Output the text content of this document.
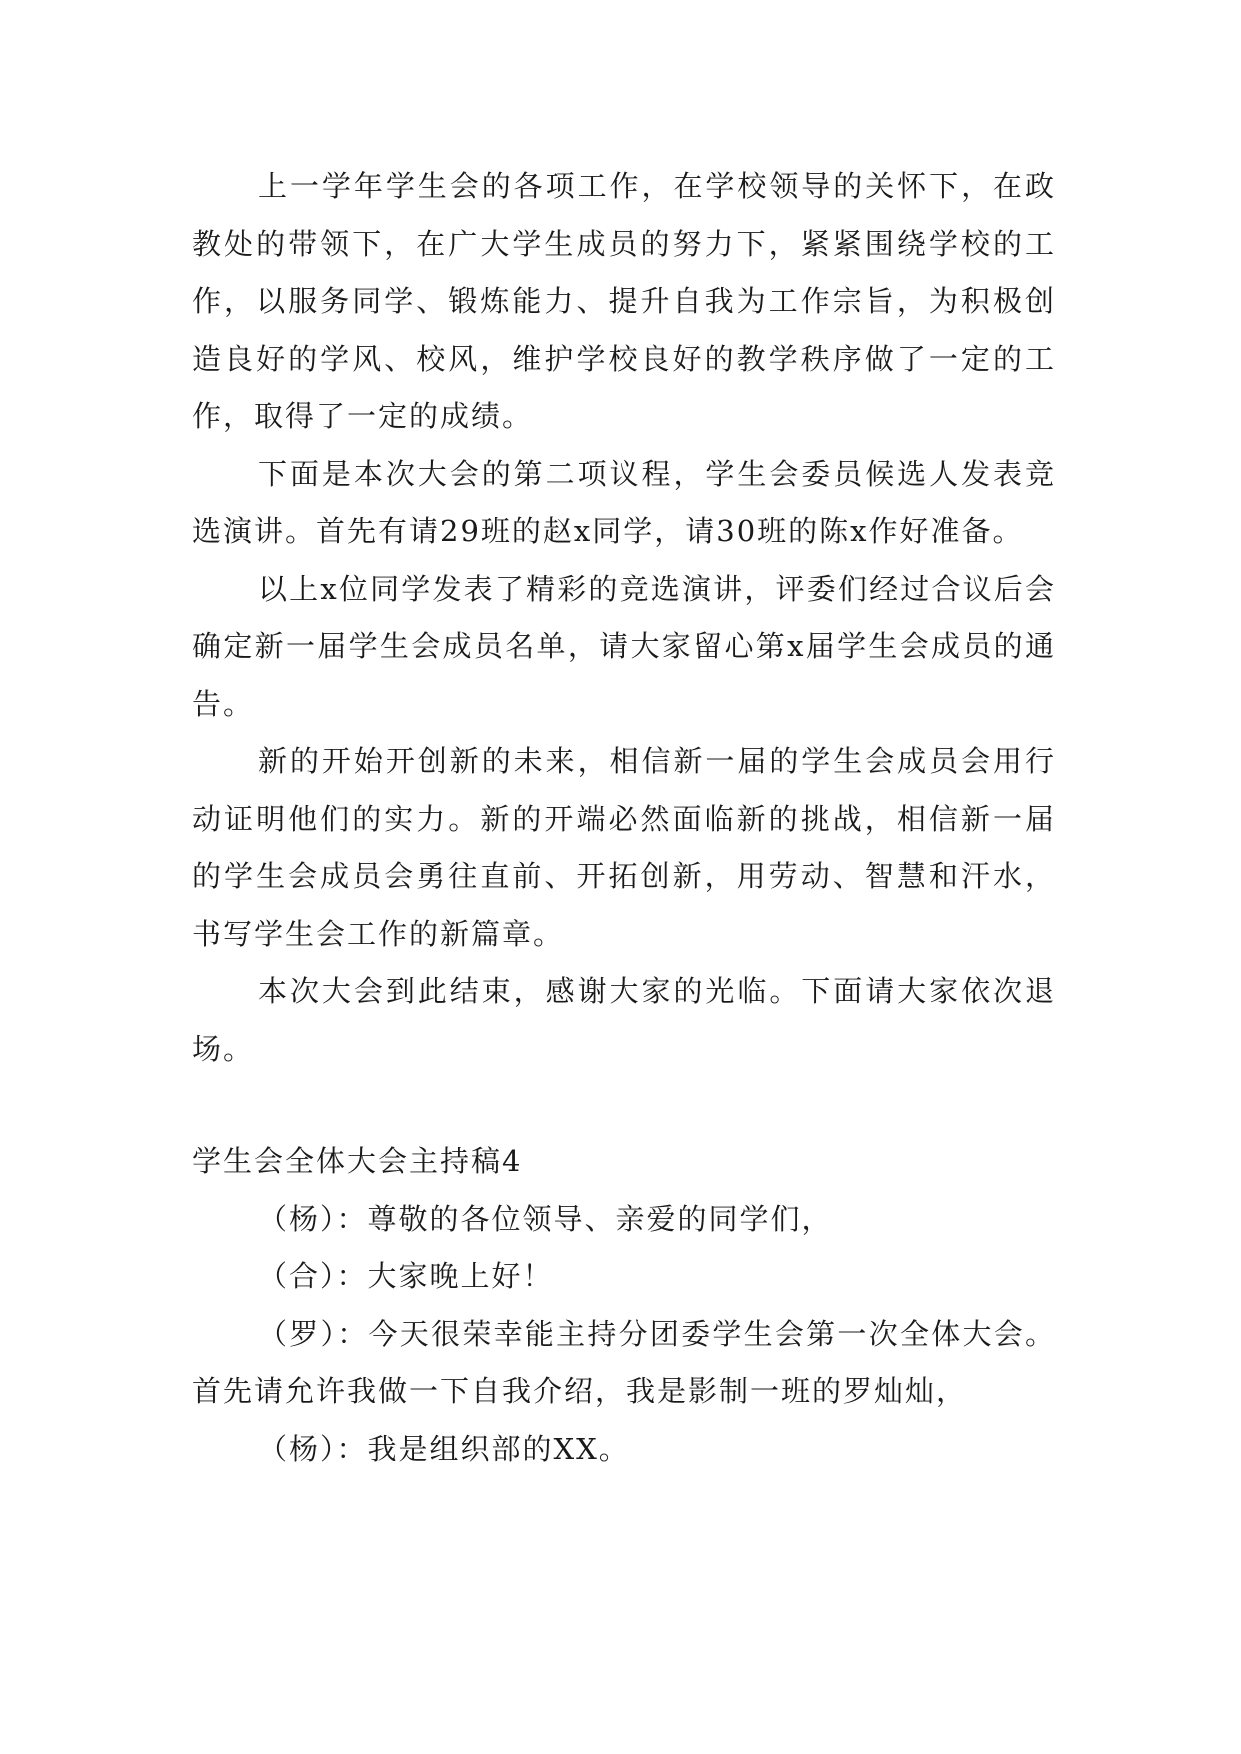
上一学年学生会的各项工作，在学校领导的关怀下，在政教处的带领下，在广大学生成员的努力下，紧紧围绕学校的工作，以服务同学、锻炼能力、提升自我为工作宗旨，为积极创造良好的学风、校风，维护学校良好的教学秩序做了一定的工作，取得了一定的成绩。

下面是本次大会的第二项议程，学生会委员候选人发表竞选演讲。首先有请29班的赵x同学，请30班的陈x作好准备。

以上x位同学发表了精彩的竞选演讲，评委们经过合议后会确定新一届学生会成员名单，请大家留心第x届学生会成员的通告。

新的开始开创新的未来，相信新一届的学生会成员会用行动证明他们的实力。新的开端必然面临新的挑战，相信新一届的学生会成员会勇往直前、开拓创新，用劳动、智慧和汗水，书写学生会工作的新篇章。

本次大会到此结束，感谢大家的光临。下面请大家依次退场。

学生会全体大会主持稿4

（杨）：尊敬的各位领导、亲爱的同学们，

（合）：大家晚上好！

（罗）：今天很荣幸能主持分团委学生会第一次全体大会。首先请允许我做一下自我介绍，我是影制一班的罗灿灿，

（杨）：我是组织部的XX。
